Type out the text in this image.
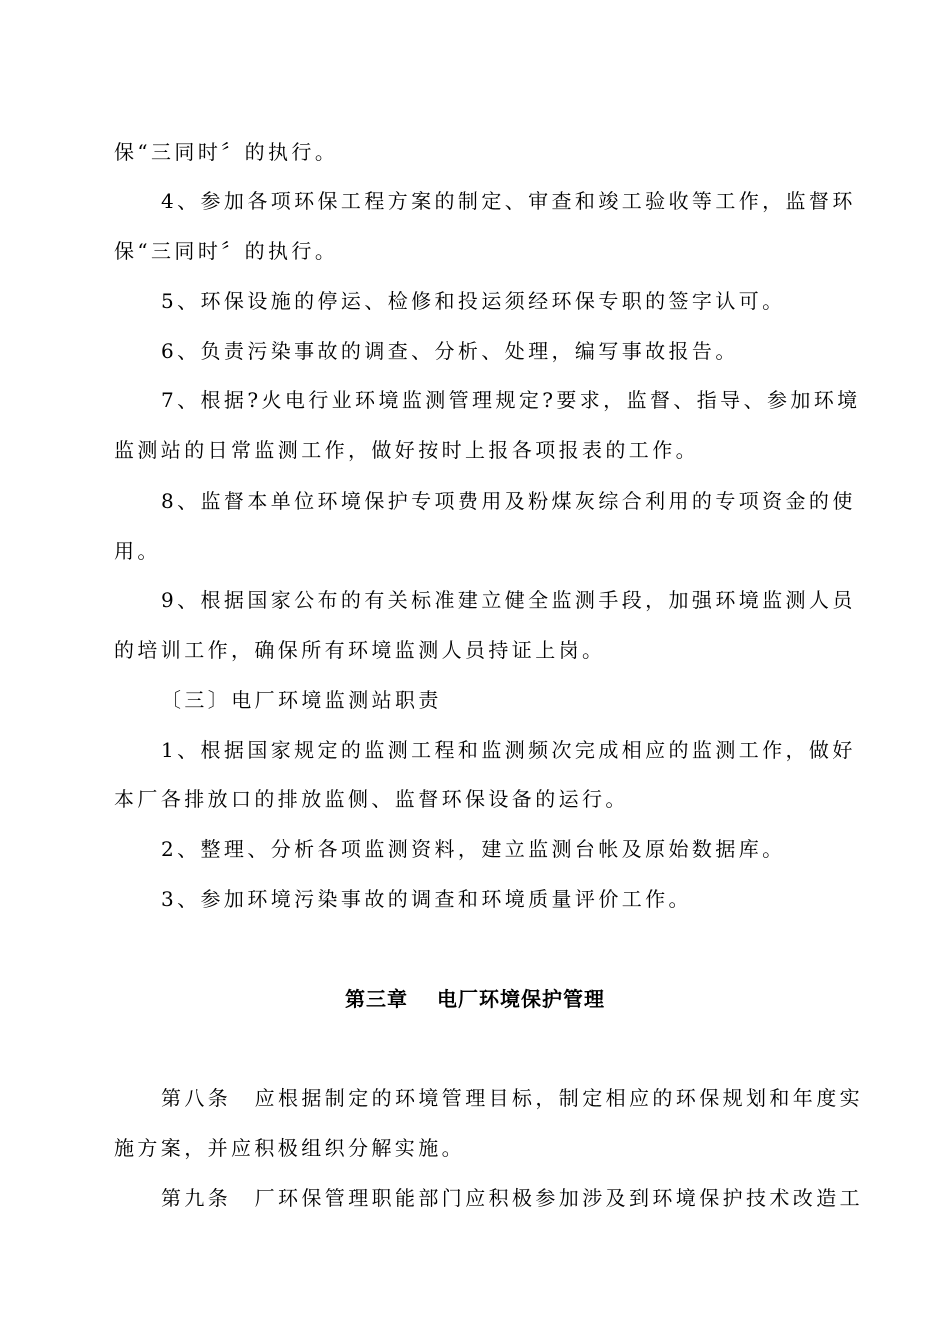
保“三同时〞的执行。
4、参加各项环保工程方案的制定、审查和竣工验收等工作，监督环
保“三同时〞的执行。
5、环保设施的停运、检修和投运须经环保专职的签字认可。
6、负责污染事故的调查、分析、处理，编写事故报告。
7、根据?火电行业环境监测管理规定?要求，监督、指导、参加环境
监测站的日常监测工作，做好按时上报各项报表的工作。
8、监督本单位环境保护专项费用及粉煤灰综合利用的专项资金的使
用。
9、根据国家公布的有关标准建立健全监测手段，加强环境监测人员
的培训工作，确保所有环境监测人员持证上岗。
〔三〕电厂环境监测站职责
1、根据国家规定的监测工程和监测频次完成相应的监测工作，做好
本厂各排放口的排放监侧、监督环保设备的运行。
2、整理、分析各项监测资料，建立监测台帐及原始数据库。
3、参加环境污染事故的调查和环境质量评价工作。
第三章　 电厂环境保护管理
第八条　应根据制定的环境管理目标，制定相应的环保规划和年度实
施方案，并应积极组织分解实施。
第九条　厂环保管理职能部门应积极参加涉及到环境保护技术改造工
